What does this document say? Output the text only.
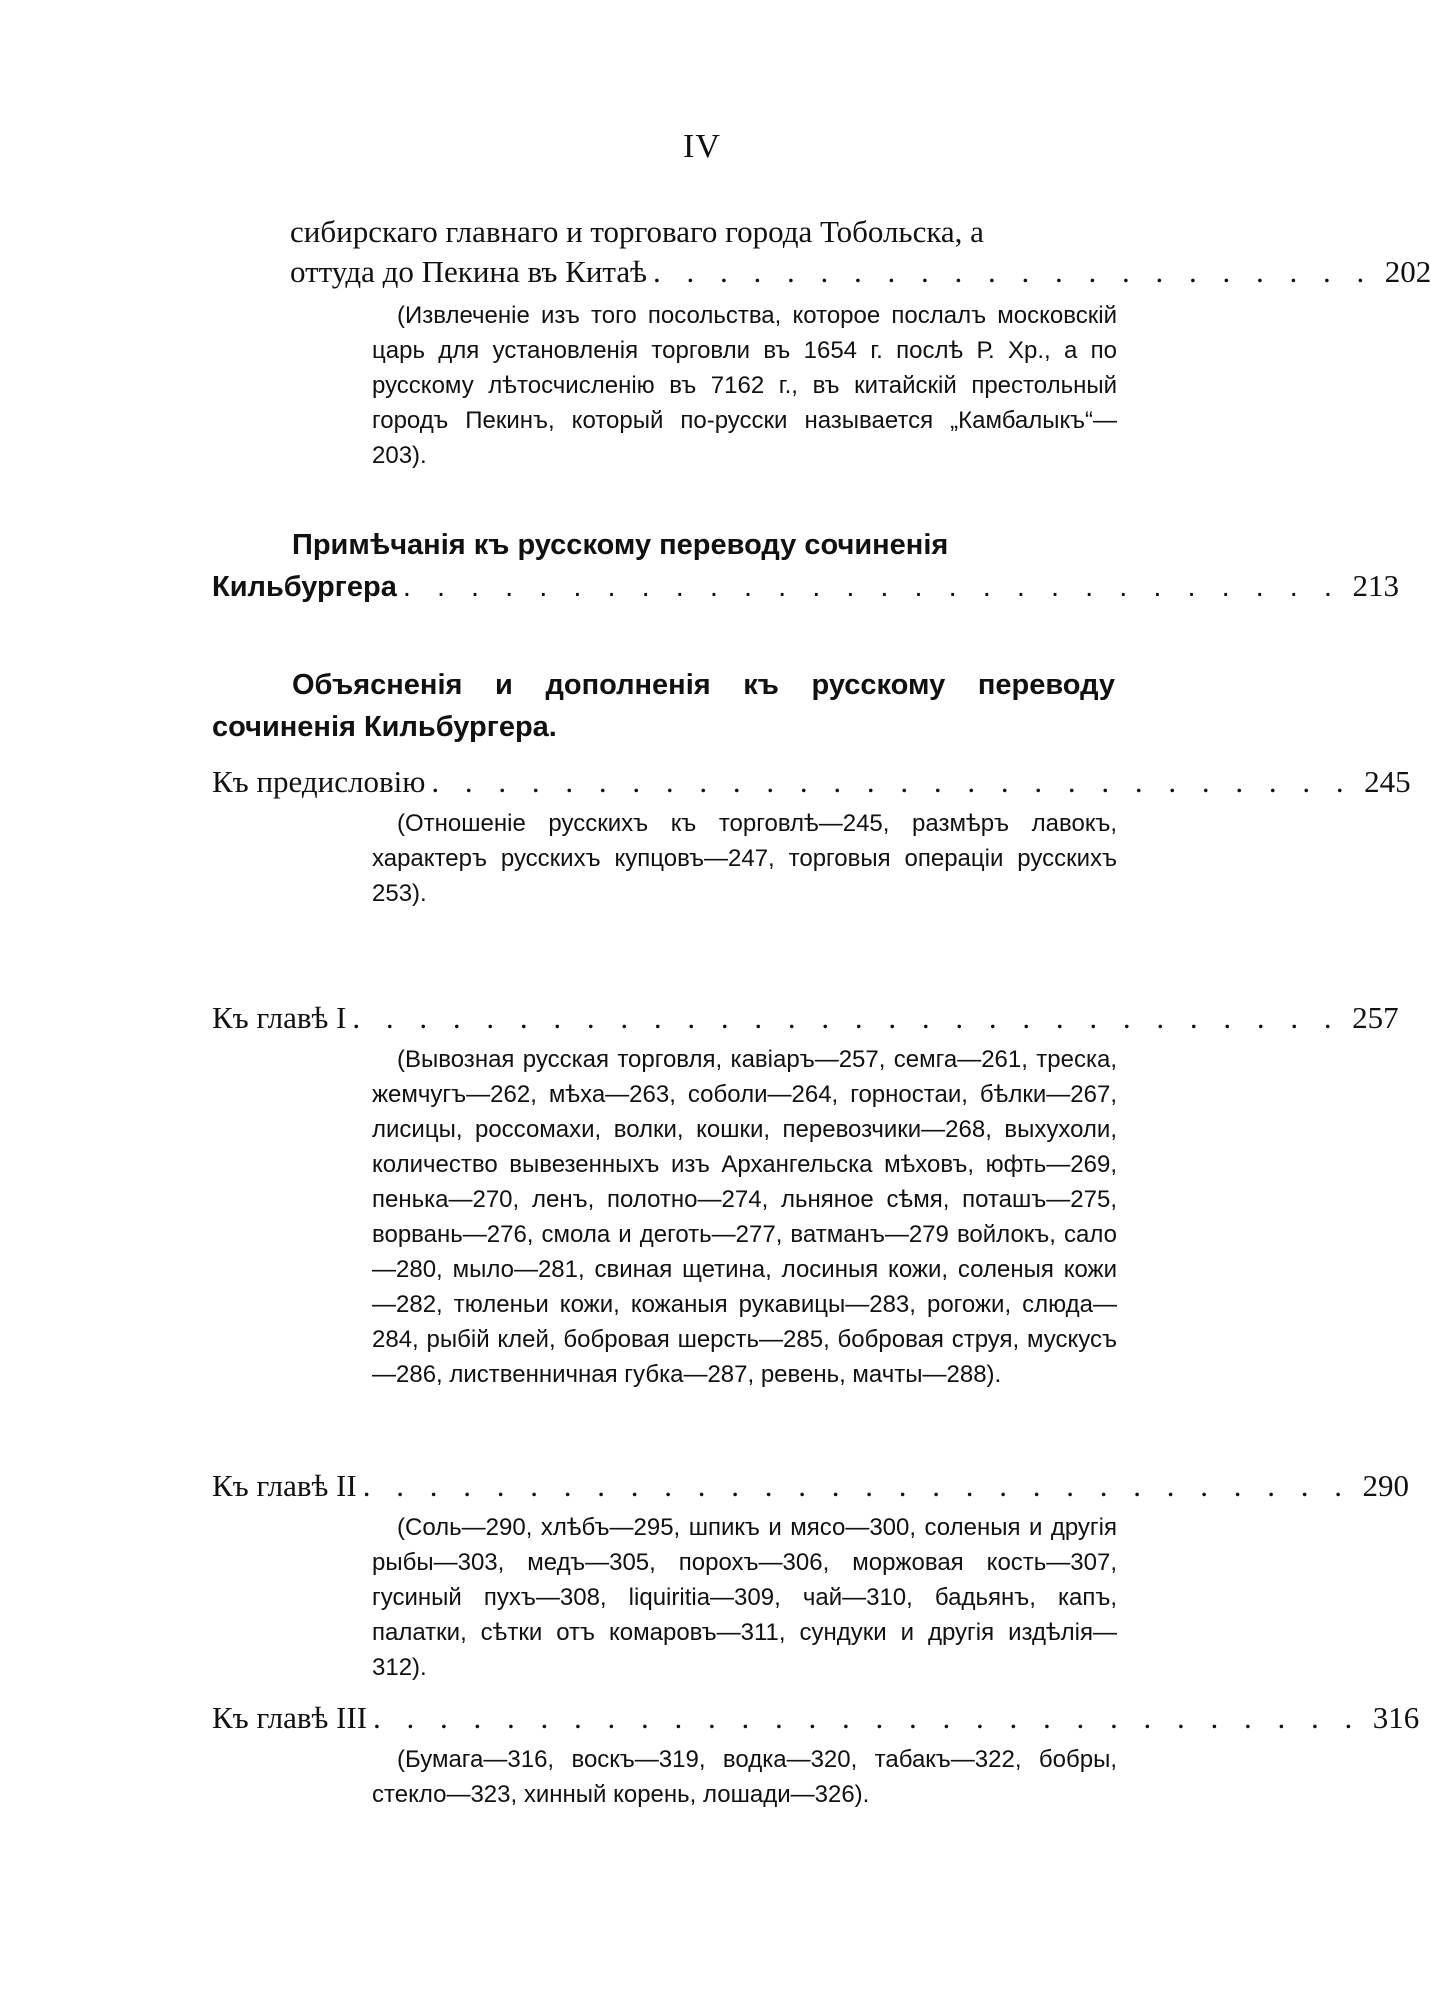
IV
сибирскаго главнаго и торговаго города Тобольска, а
оттуда до Пекина въ Китаѣ . . . . . . . . . . . . . . . . . . . . . . 202
(Извлеченіе изъ того посольства, которое послалъ московскій царь для установленія торговли въ 1654 г. послѣ Р. Хр., а по русскому лѣтосчисленію въ 7162 г., въ китайскій престольный городъ Пекинъ, который по-русски называется „Камбалыкъ“—203).
Примѣчанія къ русскому переводу сочиненія
Кильбургера . . . . . . . . . . . . . . . . . . . . . . . . . . . . 213
Объясненія и дополненія къ русскому переводу сочиненія Кильбургера.
Къ предисловію . . . . . . . . . . . . . . . . . . . . . . . . . . . . 245
(Отношеніе русскихъ къ торговлѣ—245, размѣръ лавокъ, характеръ русскихъ купцовъ—247, торговыя операціи русскихъ 253).
Къ главѣ I . . . . . . . . . . . . . . . . . . . . . . . . . . . . . . 257
(Вывозная русская торговля, кавіаръ—257, семга—261, треска, жемчугъ—262, мѣха—263, соболи—264, горностаи, бѣлки—267, лисицы, россомахи, волки, кошки, перевозчики—268, выхухоли, количество вывезенныхъ изъ Архангельска мѣховъ, юфть—269, пенька—270, ленъ, полотно—274, льняное сѣмя, поташъ—275, ворвань—276, смола и деготь—277, ватманъ—279 войлокъ, сало—280, мыло—281, свиная щетина, лосиныя кожи, соленыя кожи—282, тюленьи кожи, кожаныя рукавицы—283, рогожи, слюда—284, рыбій клей, бобровая шерсть—285, бобровая струя, мускусъ—286, лиственничная губка—287, ревень, мачты—288).
Къ главѣ II . . . . . . . . . . . . . . . . . . . . . . . . . . . . . . 290
(Соль—290, хлѣбъ—295, шпикъ и мясо—300, соленыя и другія рыбы—303, медъ—305, порохъ—306, моржовая кость—307, гусиный пухъ—308, liquiritia—309, чай—310, бадьянъ, капъ, палатки, сѣтки отъ комаровъ—311, сундуки и другія издѣлія—312).
Къ главѣ III . . . . . . . . . . . . . . . . . . . . . . . . . . . . . . 316
(Бумага—316, воскъ—319, водка—320, табакъ—322, бобры, стекло—323, хинный корень, лошади—326).
